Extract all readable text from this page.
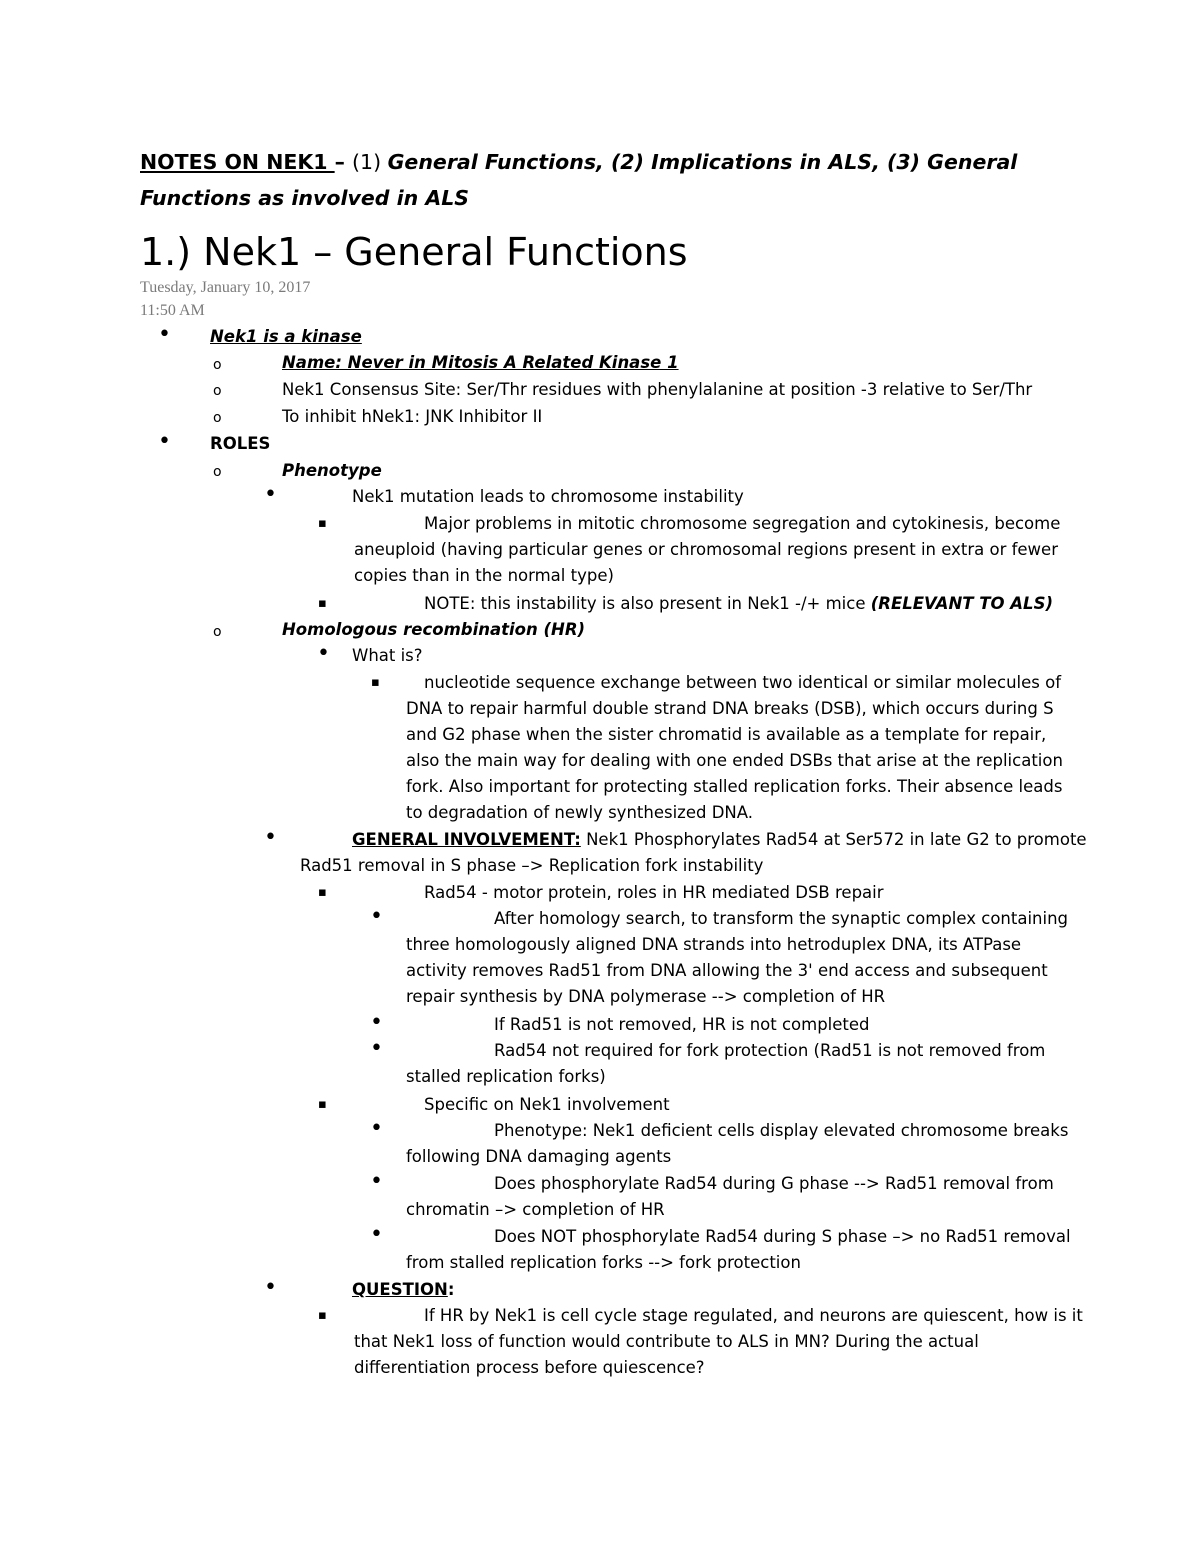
NOTES ON NEK1 – (1) General Functions, (2) Implications in ALS, (3) General
Functions as involved in ALS
1.) Nek1 – General Functions
Tuesday, January 10, 2017
11:50 AM
•
Nek1 is a kinase
o
Name: Never in Mitosis A Related Kinase 1
o
Nek1 Consensus Site: Ser/Thr residues with phenylalanine at position -3 relative to Ser/Thr
o
To inhibit hNek1: JNK Inhibitor II
•
ROLES
o
Phenotype
•
Nek1 mutation leads to chromosome instability
▪
Major problems in mitotic chromosome segregation and cytokinesis, become
aneuploid (having particular genes or chromosomal regions present in extra or fewer
copies than in the normal type)
▪
NOTE: this instability is also present in Nek1 -/+ mice (RELEVANT TO ALS)
o
Homologous recombination (HR)
•
What is?
▪
nucleotide sequence exchange between two identical or similar molecules of
DNA to repair harmful double strand DNA breaks (DSB), which occurs during S
and G2 phase when the sister chromatid is available as a template for repair,
also the main way for dealing with one ended DSBs that arise at the replication
fork. Also important for protecting stalled replication forks. Their absence leads
to degradation of newly synthesized DNA.
•
GENERAL INVOLVEMENT: Nek1 Phosphorylates Rad54 at Ser572 in late G2 to promote
Rad51 removal in S phase –> Replication fork instability
▪
Rad54 - motor protein, roles in HR mediated DSB repair
•
After homology search, to transform the synaptic complex containing
three homologously aligned DNA strands into hetroduplex DNA, its ATPase
activity removes Rad51 from DNA allowing the 3' end access and subsequent
repair synthesis by DNA polymerase --> completion of HR
•
If Rad51 is not removed, HR is not completed
•
Rad54 not required for fork protection (Rad51 is not removed from
stalled replication forks)
▪
Specific on Nek1 involvement
•
Phenotype: Nek1 deficient cells display elevated chromosome breaks
following DNA damaging agents
•
Does phosphorylate Rad54 during G phase --> Rad51 removal from
chromatin –> completion of HR
•
Does NOT phosphorylate Rad54 during S phase –> no Rad51 removal
from stalled replication forks --> fork protection
•
QUESTION:
▪
If HR by Nek1 is cell cycle stage regulated, and neurons are quiescent, how is it
that Nek1 loss of function would contribute to ALS in MN? During the actual
differentiation process before quiescence?
